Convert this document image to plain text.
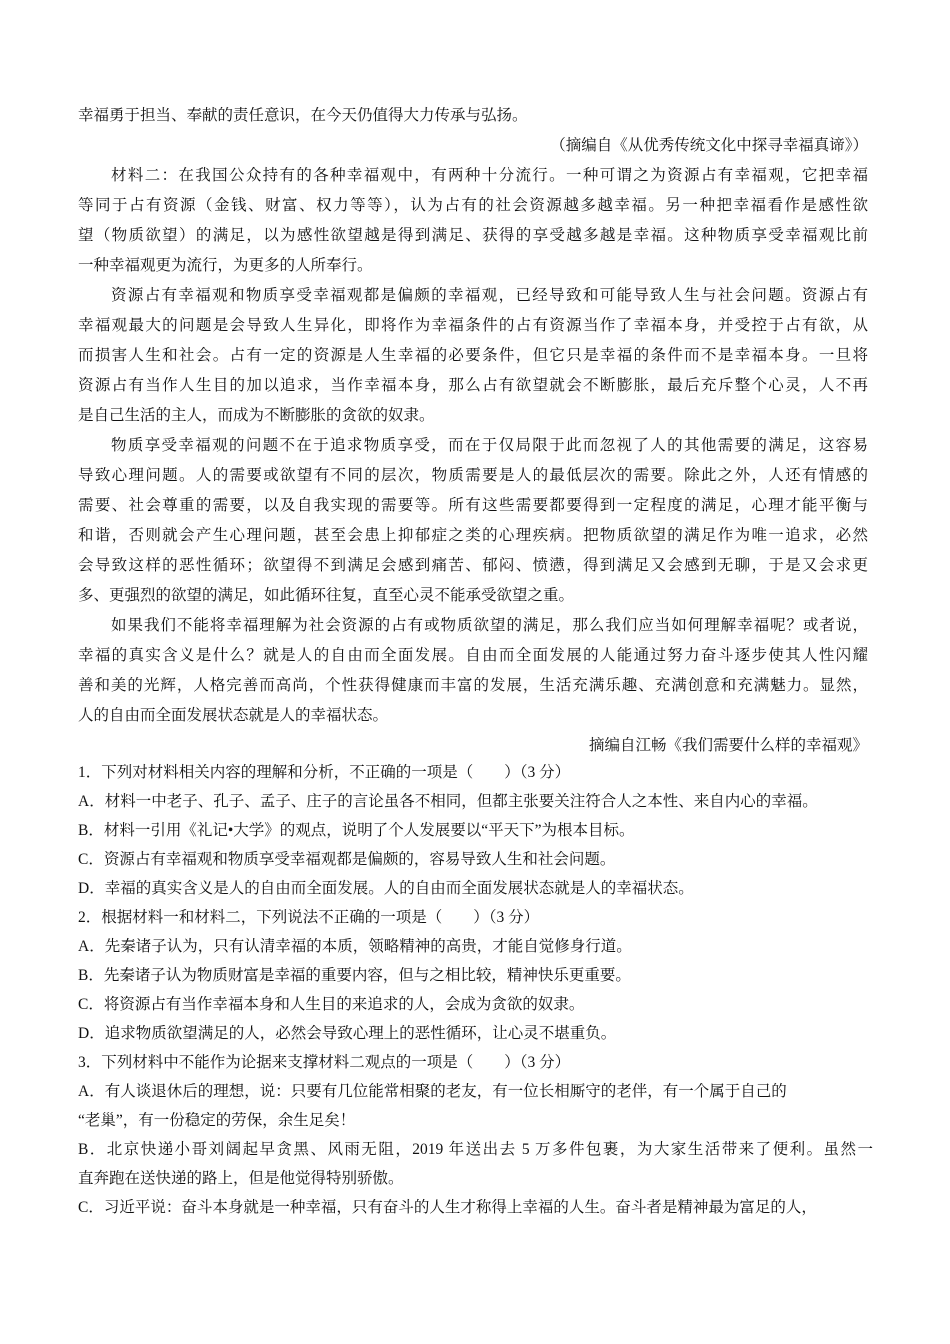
幸福勇于担当、奉献的责任意识，在今天仍值得大力传承与弘扬。
（摘编自《从优秀传统文化中探寻幸福真谛》）
材料二：在我国公众持有的各种幸福观中，有两种十分流行。一种可谓之为资源占有幸福观，它把幸福
等同于占有资源（金钱、财富、权力等等），认为占有的社会资源越多越幸福。另一种把幸福看作是感性欲
望（物质欲望）的满足，以为感性欲望越是得到满足、获得的享受越多越是幸福。这种物质享受幸福观比前
一种幸福观更为流行，为更多的人所奉行。
资源占有幸福观和物质享受幸福观都是偏颇的幸福观，已经导致和可能导致人生与社会问题。资源占有
幸福观最大的问题是会导致人生异化，即将作为幸福条件的占有资源当作了幸福本身，并受控于占有欲，从
而损害人生和社会。占有一定的资源是人生幸福的必要条件，但它只是幸福的条件而不是幸福本身。一旦将
资源占有当作人生目的加以追求，当作幸福本身，那么占有欲望就会不断膨胀，最后充斥整个心灵，人不再
是自己生活的主人，而成为不断膨胀的贪欲的奴隶。
物质享受幸福观的问题不在于追求物质享受，而在于仅局限于此而忽视了人的其他需要的满足，这容易
导致心理问题。人的需要或欲望有不同的层次，物质需要是人的最低层次的需要。除此之外，人还有情感的
需要、社会尊重的需要，以及自我实现的需要等。所有这些需要都要得到一定程度的满足，心理才能平衡与
和谐，否则就会产生心理问题，甚至会患上抑郁症之类的心理疾病。把物质欲望的满足作为唯一追求，必然
会导致这样的恶性循环；欲望得不到满足会感到痛苦、郁闷、愤懑，得到满足又会感到无聊，于是又会求更
多、更强烈的欲望的满足，如此循环往复，直至心灵不能承受欲望之重。
如果我们不能将幸福理解为社会资源的占有或物质欲望的满足，那么我们应当如何理解幸福呢？或者说，
幸福的真实含义是什么？就是人的自由而全面发展。自由而全面发展的人能通过努力奋斗逐步使其人性闪耀
善和美的光辉，人格完善而高尚，个性获得健康而丰富的发展，生活充满乐趣、充满创意和充满魅力。显然，
人的自由而全面发展状态就是人的幸福状态。
摘编自江畅《我们需要什么样的幸福观》
1．下列对材料相关内容的理解和分析，不正确的一项是（　　）（3 分）
A．材料一中老子、孔子、孟子、庄子的言论虽各不相同，但都主张要关注符合人之本性、来自内心的幸福。
B．材料一引用《礼记•大学》的观点，说明了个人发展要以“平天下”为根本目标。
C．资源占有幸福观和物质享受幸福观都是偏颇的，容易导致人生和社会问题。
D．幸福的真实含义是人的自由而全面发展。人的自由而全面发展状态就是人的幸福状态。
2．根据材料一和材料二，下列说法不正确的一项是（　　）（3 分）
A．先秦诸子认为，只有认清幸福的本质，领略精神的高贵，才能自觉修身行道。
B．先秦诸子认为物质财富是幸福的重要内容，但与之相比较，精神快乐更重要。
C．将资源占有当作幸福本身和人生目的来追求的人，会成为贪欲的奴隶。
D．追求物质欲望满足的人，必然会导致心理上的恶性循环，让心灵不堪重负。
3．下列材料中不能作为论据来支撑材料二观点的一项是（　　）（3 分）
A．有人谈退休后的理想，说：只要有几位能常相聚的老友，有一位长相厮守的老伴，有一个属于自己的
“老巢”，有一份稳定的劳保，余生足矣！
B．北京快递小哥刘阔起早贪黑、风雨无阻，2019 年送出去 5 万多件包裹，为大家生活带来了便利。虽然一
直奔跑在送快递的路上，但是他觉得特别骄傲。
C．习近平说：奋斗本身就是一种幸福，只有奋斗的人生才称得上幸福的人生。奋斗者是精神最为富足的人，
